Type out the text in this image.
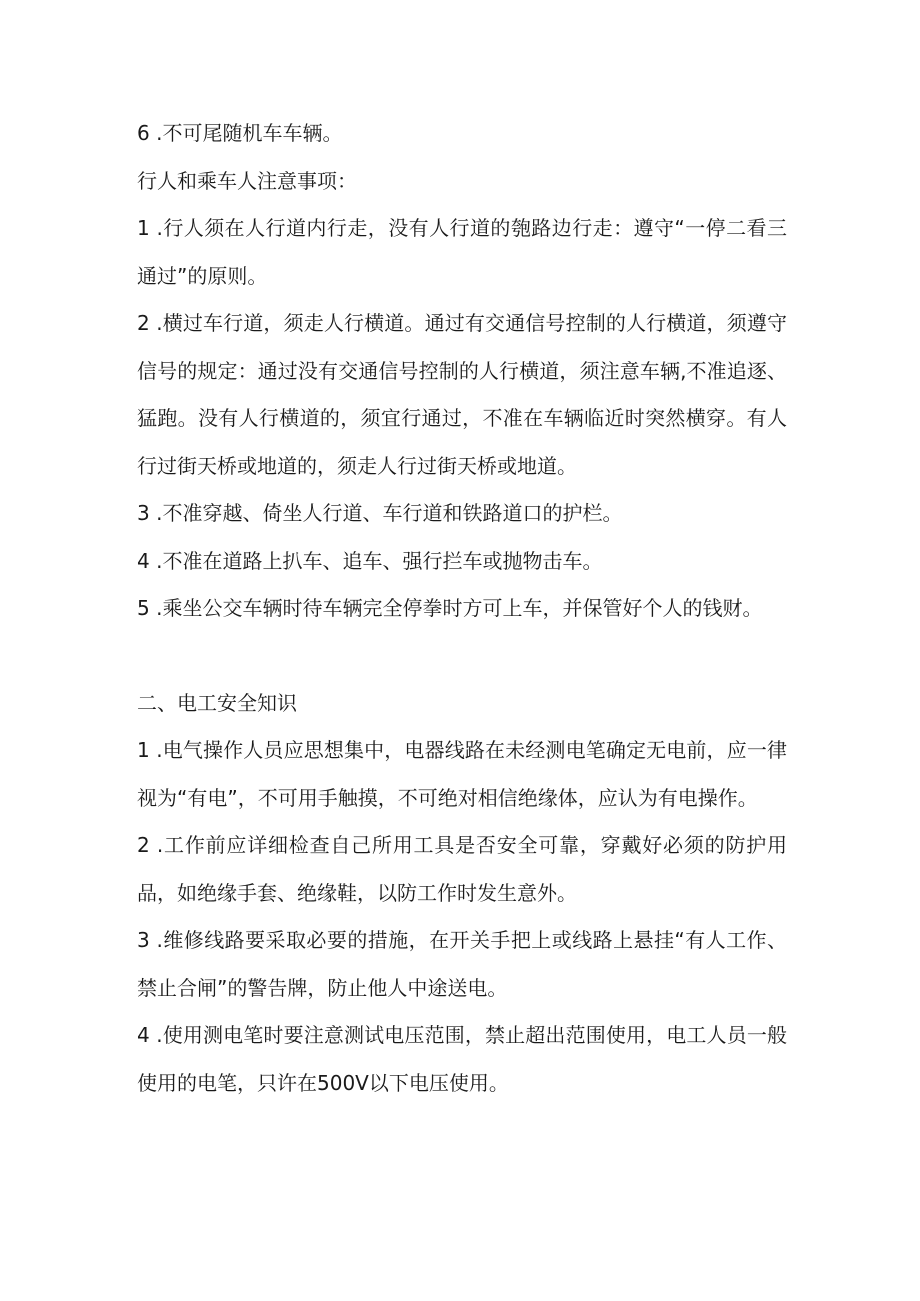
6 .不可尾随机车车辆。

行人和乘车人注意事项：

1 .行人须在人行道内行走，没有人行道的匏路边行走：遵守“一停二看三通过”的原则。

2 .横过车行道，须走人行横道。通过有交通信号控制的人行横道，须遵守信号的规定：通过没有交通信号控制的人行横道，须注意车辆,不准追逐、猛跑。没有人行横道的，须宜行通过，不准在车辆临近时突然横穿。有人行过街天桥或地道的，须走人行过街天桥或地道。

3 .不准穿越、倚坐人行道、车行道和铁路道口的护栏。

4 .不准在道路上扒车、追车、强行拦车或抛物击车。

5 .乘坐公交车辆时待车辆完全停拳时方可上车，并保管好个人的钱财。

二、电工安全知识

1 .电气操作人员应思想集中，电器线路在未经测电笔确定无电前，应一律视为“有电”，不可用手触摸，不可绝对相信绝缘体，应认为有电操作。

2 .工作前应详细检查自己所用工具是否安全可靠，穿戴好必须的防护用品，如绝缘手套、绝缘鞋，以防工作时发生意外。

3 .维修线路要采取必要的措施，在开关手把上或线路上悬挂“有人工作、禁止合闸”的警告牌，防止他人中途送电。

4 .使用测电笔时要注意测试电压范围，禁止超出范围使用，电工人员一般使用的电笔，只许在500V以下电压使用。
